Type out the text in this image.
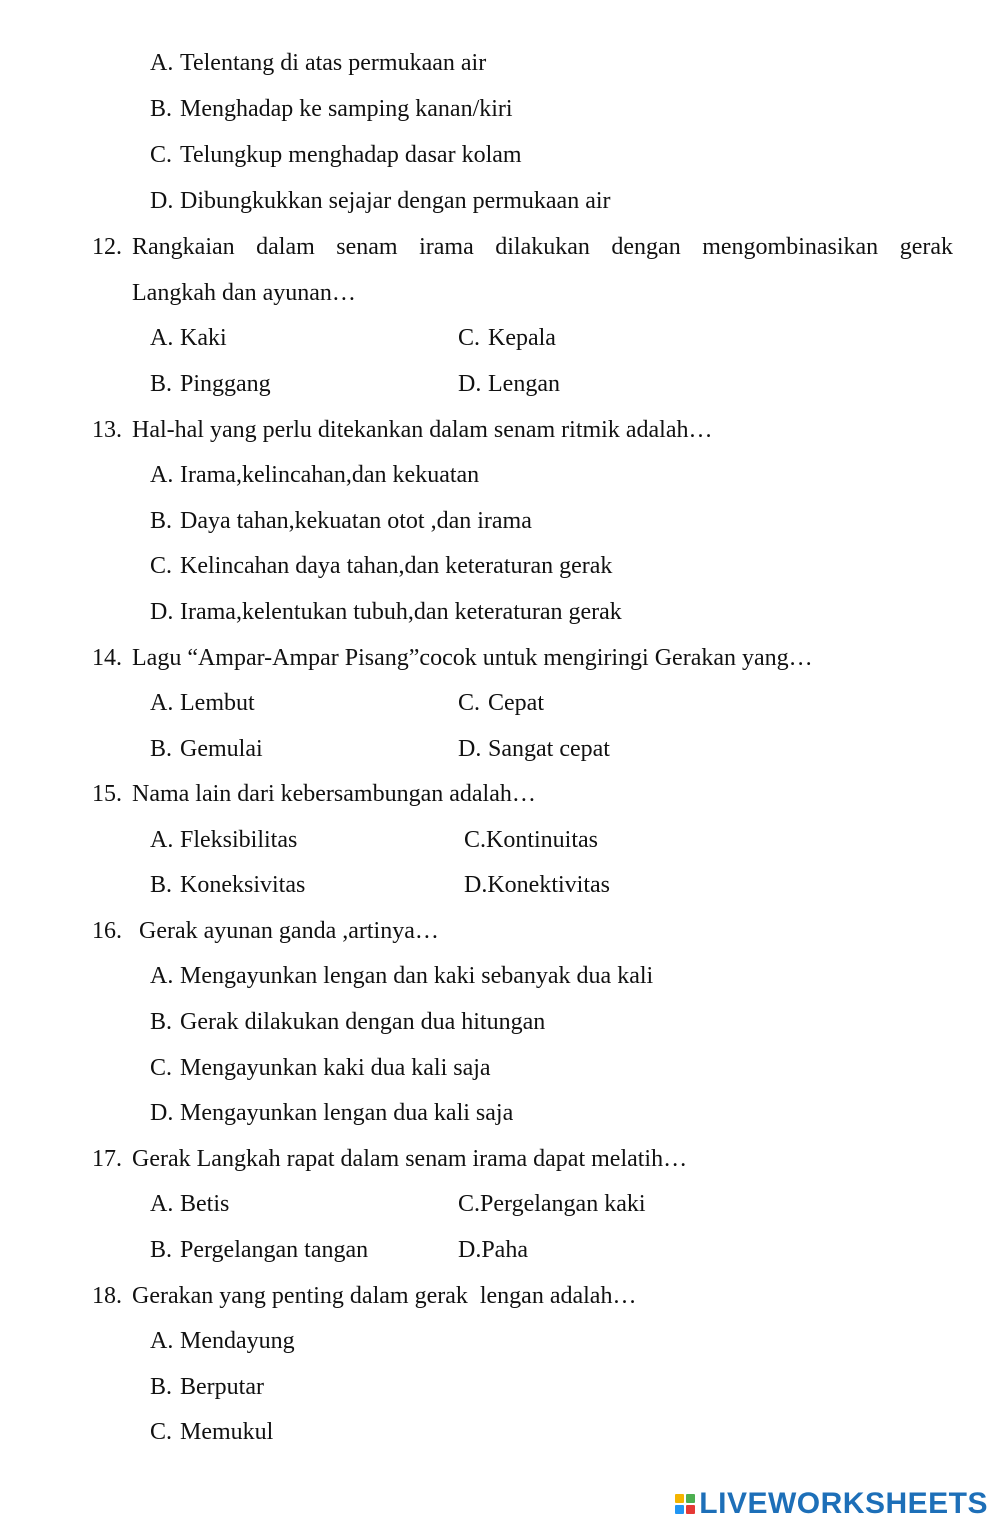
A. Telentang di atas permukaan air
B. Menghadap ke samping kanan/kiri
C. Telungkup menghadap dasar kolam
D. Dibungkukkan sejajar dengan permukaan air
12. Rangkaian dalam senam irama dilakukan dengan mengombinasikan gerak
Langkah dan ayunan…
A. Kaki	C. Kepala
B. Pinggang	D. Lengan
13. Hal-hal yang perlu ditekankan dalam senam ritmik adalah…
A. Irama,kelincahan,dan kekuatan
B. Daya tahan,kekuatan otot ,dan irama
C. Kelincahan daya tahan,dan keteraturan gerak
D. Irama,kelentukan tubuh,dan keteraturan gerak
14. Lagu “Ampar-Ampar Pisang”cocok untuk mengiringi Gerakan yang…
A. Lembut	C. Cepat
B. Gemulai	D. Sangat cepat
15. Nama lain dari kebersambungan adalah…
A. Fleksibilitas	C.Kontinuitas
B. Koneksivitas	D.Konektivitas
16. Gerak ayunan ganda ,artinya…
A. Mengayunkan lengan dan kaki sebanyak dua kali
B. Gerak dilakukan dengan dua hitungan
C. Mengayunkan kaki dua kali saja
D. Mengayunkan lengan dua kali saja
17. Gerak Langkah rapat dalam senam irama dapat melatih…
A. Betis	C.Pergelangan kaki
B. Pergelangan tangan	D.Paha
18. Gerakan yang penting dalam gerak  lengan adalah…
A. Mendayung
B. Berputar
C. Memukul
LIVEWORKSHEETS
